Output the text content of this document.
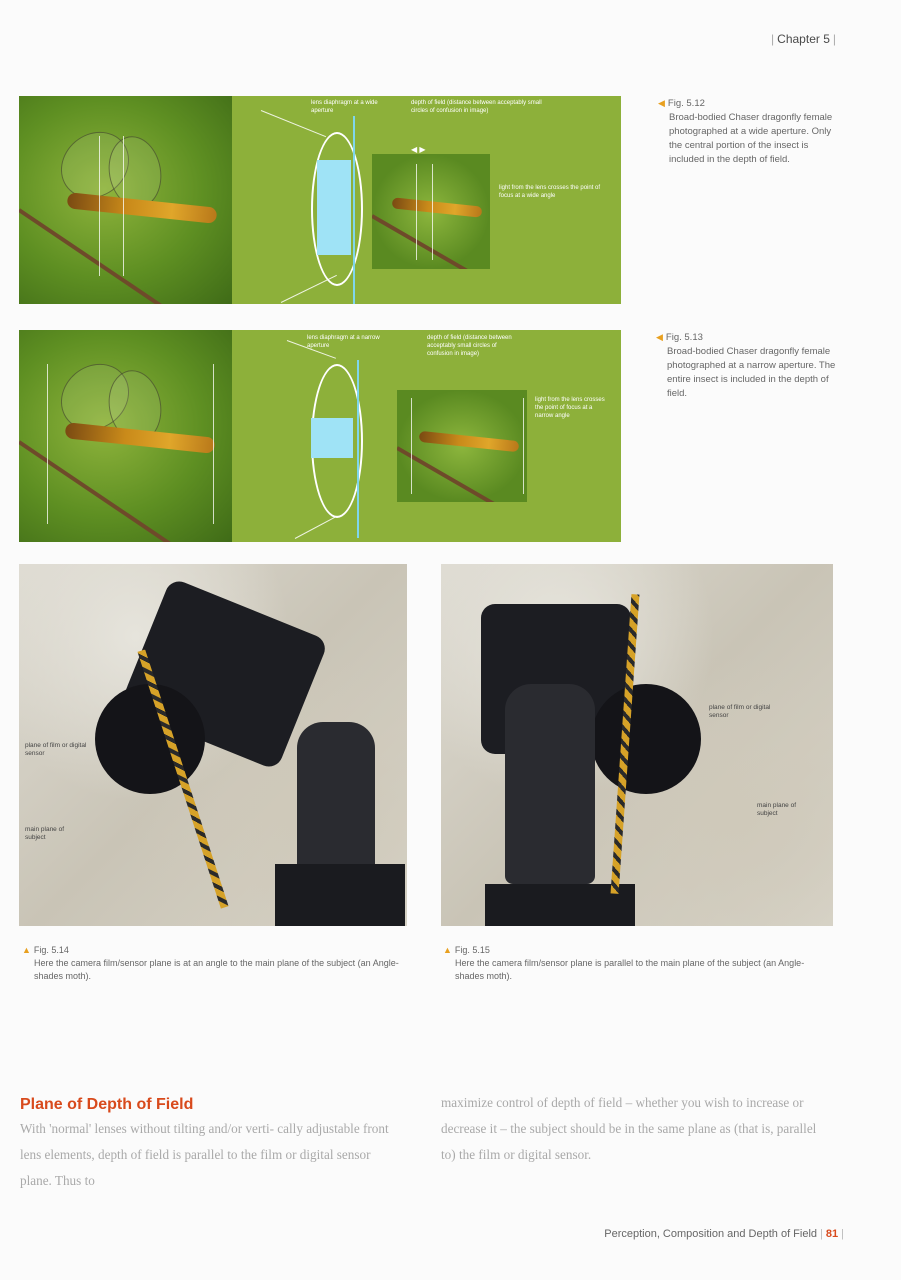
| Chapter 5 |
lens diaphragm at a wide aperture
depth of field (distance between acceptably small circles of confusion in image)
light from the lens crosses the point of focus at a wide angle
◀ ▶
◀ Fig. 5.12
Broad-bodied Chaser dragonfly female photographed at a wide aperture. Only the central portion of the insect is included in the depth of field.
lens diaphragm at a narrow aperture
depth of field (distance between acceptably small circles of confusion in image)
light from the lens crosses the point of focus at a narrow angle
◀ Fig. 5.13
Broad-bodied Chaser dragonfly female photographed at a narrow aperture. The entire insect is included in the depth of field.
plane of film or digital sensor
main plane of subject
plane of film or digital sensor
main plane of subject
▲ Fig. 5.14
Here the camera film/sensor plane is at an angle to the main plane of the subject (an Angle-shades moth).
▲ Fig. 5.15
Here the camera film/sensor plane is parallel to the main plane of the subject (an Angle-shades moth).
Plane of Depth of Field
With 'normal' lenses without tilting and/or verti- cally adjustable front lens elements, depth of field is parallel to the film or digital sensor plane. Thus to
maximize control of depth of field – whether you wish to increase or decrease it – the subject should be in the same plane as (that is, parallel to) the film or digital sensor.
Perception, Composition and Depth of Field | 81 |
